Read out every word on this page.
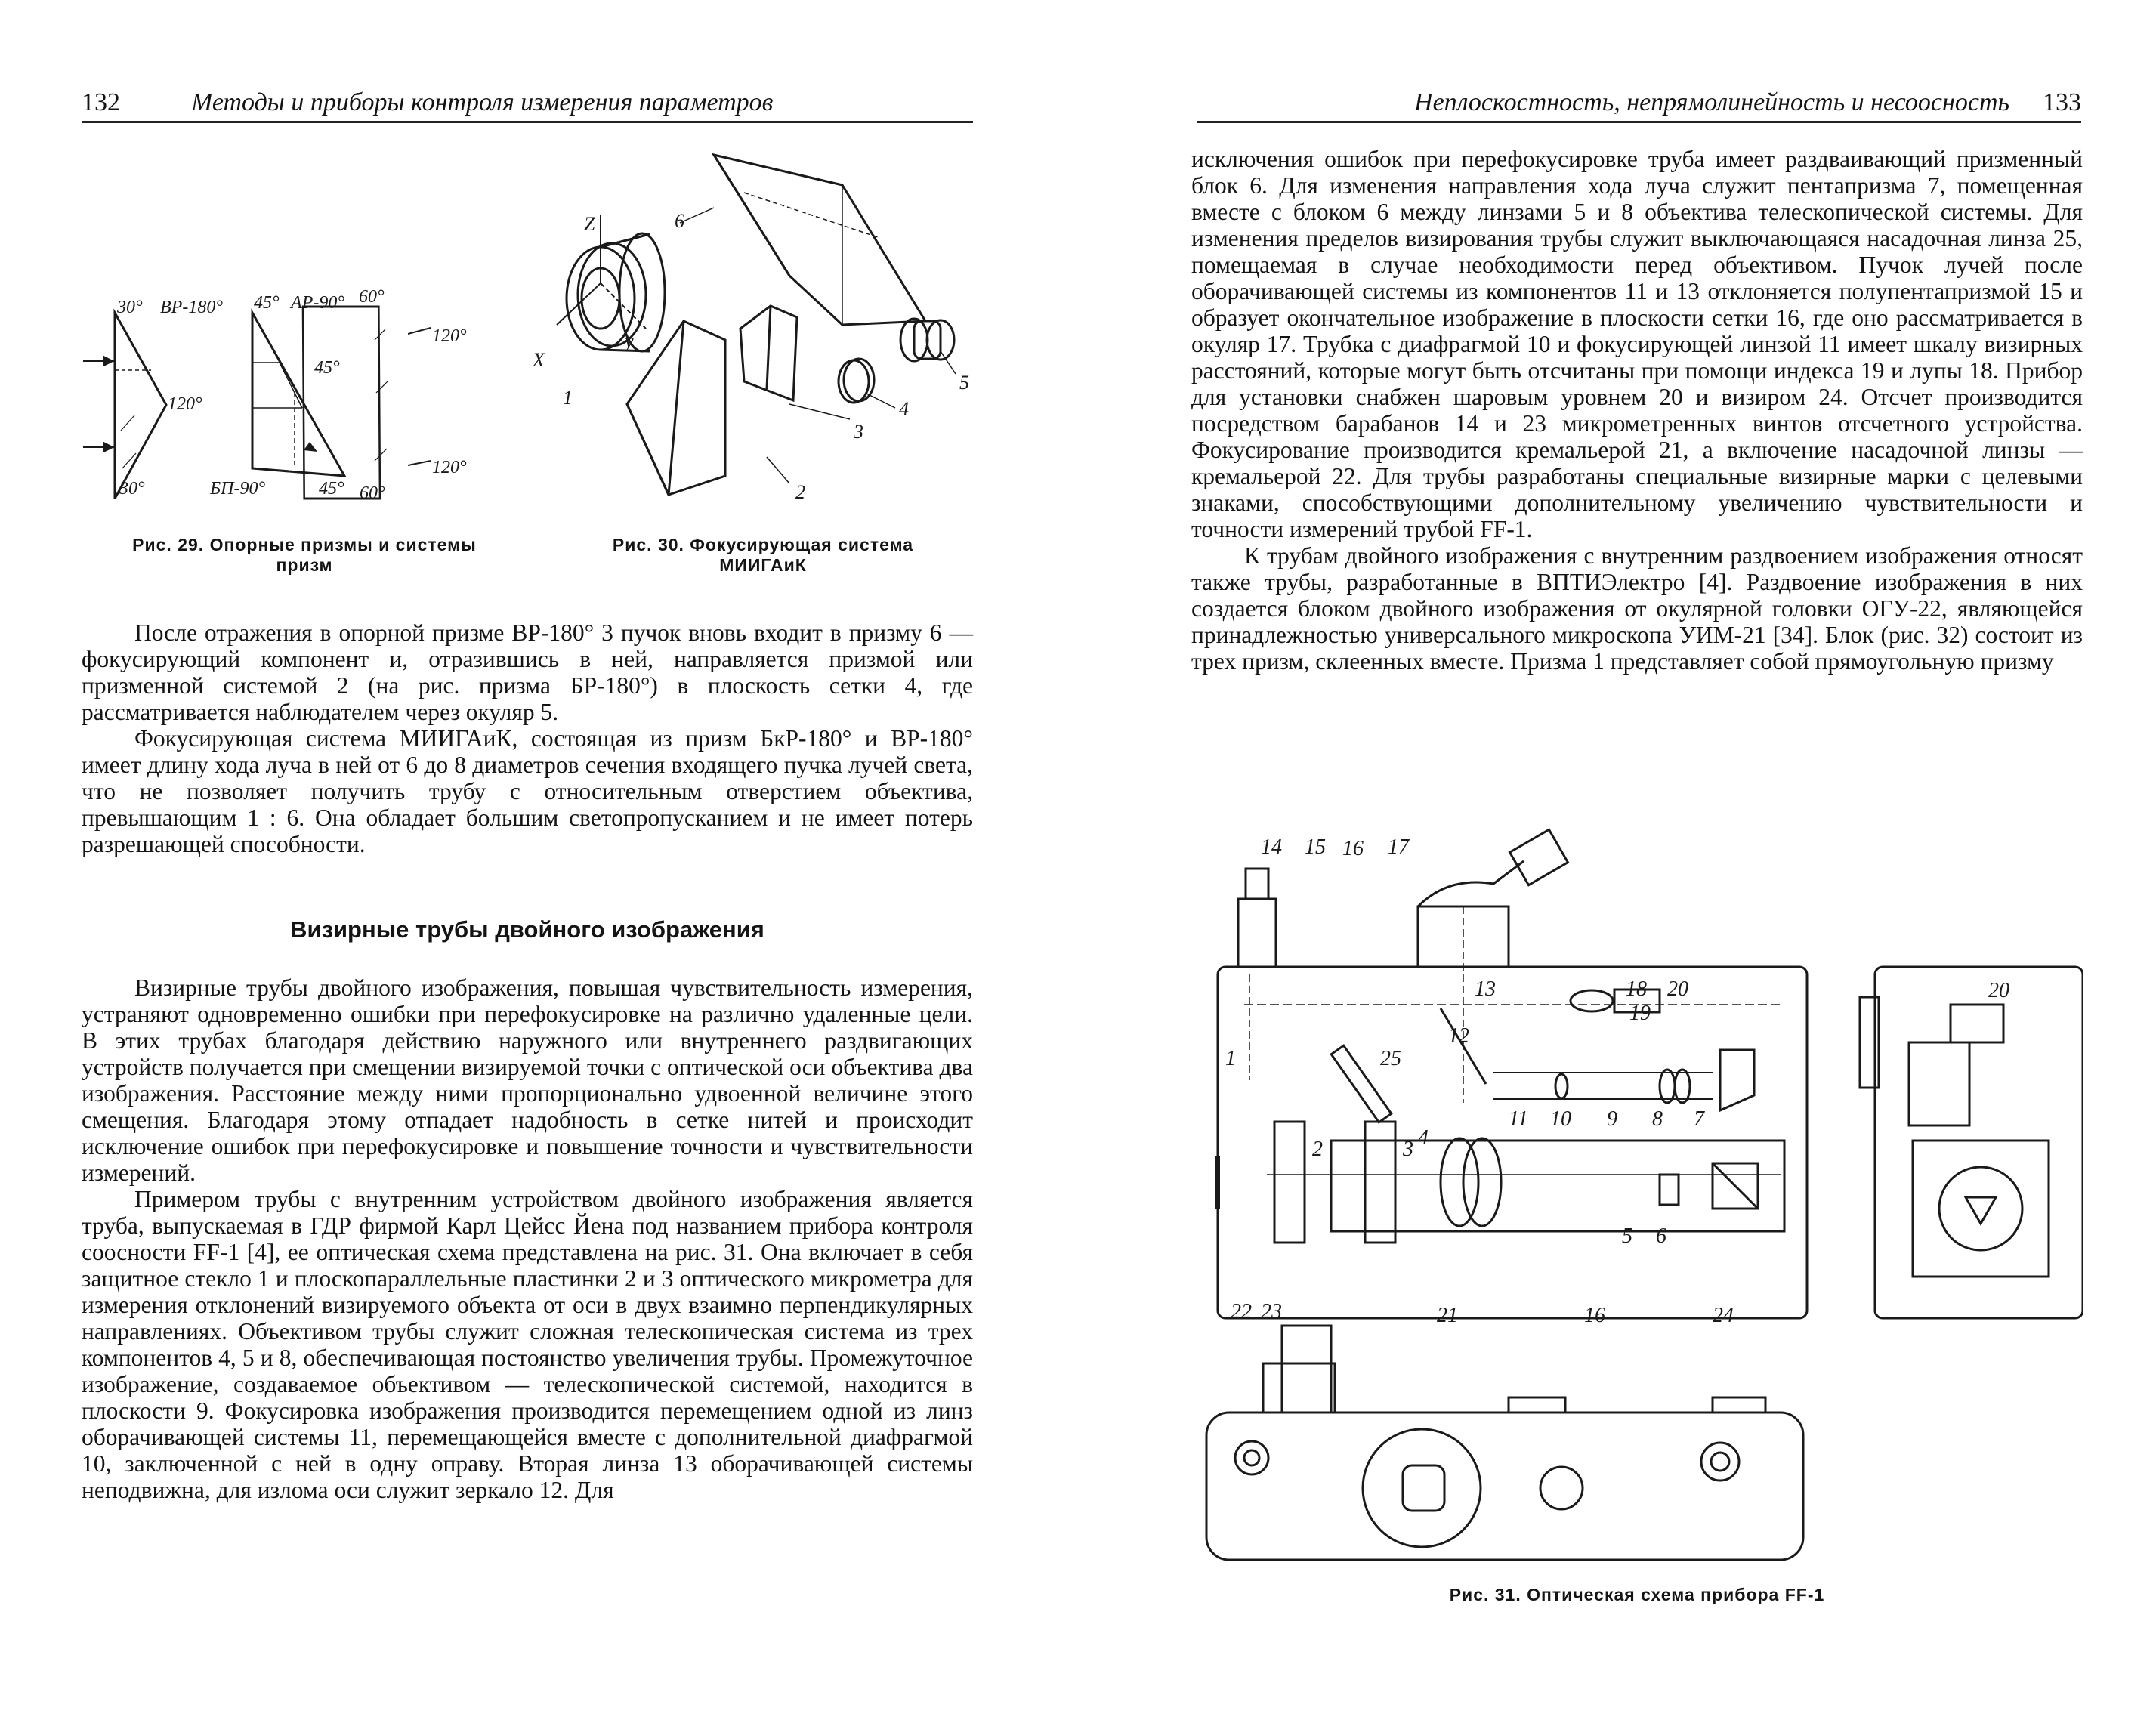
132	Методы и приборы контроля измерения параметров
30° ВР-180° 45° АР-90° 60°
120°
45°
30°	БП-90°	45° 60°
120°
120°
Рис. 29. Опорные призмы и системы
призм
Z
X
y
1
2
3
4
5
6
Рис. 30. Фокусирующая система
МИИГАиК

После отражения в опорной призме ВР-180° 3 пучок вновь входит в призму 6 — фокусирующий компонент и, отразившись в ней, направляется призмой или призменной системой 2 (на рис. призма БР-180°) в плоскость сетки 4, где рассматривается наблюдателем через окуляр 5.

Фокусирующая система МИИГАиК, состоящая из призм БкР-180° и ВР-180° имеет длину хода луча в ней от 6 до 8 диаметров сечения входящего пучка лучей света, что не позволяет получить трубу с относительным отверстием объектива, превышающим 1 : 6. Она обладает большим светопропусканием и не имеет потерь разрешающей способности.

Визирные трубы двойного изображения

Визирные трубы двойного изображения, повышая чувствительность измерения, устраняют одновременно ошибки при перефокусировке на различно удаленные цели. В этих трубах благодаря действию наружного или внутреннего раздвигающих устройств получается при смещении визируемой точки с оптической оси объектива два изображения. Расстояние между ними пропорционально удвоенной величине этого смещения. Благодаря этому отпадает надобность в сетке нитей и происходит исключение ошибок при перефокусировке и повышение точности и чувствительности измерений.

Примером трубы с внутренним устройством двойного изображения является труба, выпускаемая в ГДР фирмой Карл Цейсс Йена под названием прибора контроля соосности FF-1 [4], ее оптическая схема представлена на рис. 31. Она включает в себя защитное стекло 1 и плоскопараллельные пластинки 2 и 3 оптического микрометра для измерения отклонений визируемого объекта от оси в двух взаимно перпендикулярных направлениях. Объективом трубы служит сложная телескопическая система из трех компонентов 4, 5 и 8, обеспечивающая постоянство увеличения трубы. Промежуточное изображение, создаваемое объективом — телескопической системой, находится в плоскости 9. Фокусировка изображения производится перемещением одной из линз оборачивающей системы 11, перемещающейся вместе с дополнительной диафрагмой 10, заключенной с ней в одну оправу. Вторая линза 13 оборачивающей системы неподвижна, для излома оси служит зеркало 12. Для

Неплоскостность, непрямолинейность и несоосность 133

исключения ошибок при перефокусировке труба имеет раздваивающий призменный блок 6. Для изменения направления хода луча служит пентапризма 7, помещенная вместе с блоком 6 между линзами 5 и 8 объектива телескопической системы. Для изменения пределов визирования трубы служит выключающаяся насадочная линза 25, помещаемая в случае необходимости перед объективом. Пучок лучей после оборачивающей системы из компонентов 11 и 13 отклоняется полупентапризмой 15 и образует окончательное изображение в плоскости сетки 16, где оно рассматривается в окуляр 17. Трубка с диафрагмой 10 и фокусирующей линзой 11 имеет шкалу визирных расстояний, которые могут быть отсчитаны при помощи индекса 19 и лупы 18. Прибор для установки снабжен шаровым уровнем 20 и визиром 24. Отсчет производится посредством барабанов 14 и 23 микрометренных винтов отсчетного устройства. Фокусирование производится кремальерой 21, а включение насадочной линзы — кремальерой 22. Для трубы разработаны специальные визирные марки с целевыми знаками, способствующими дополнительному увеличению чувствительности и точности измерений трубой FF-1.

К трубам двойного изображения с внутренним раздвоением изображения относят также трубы, разработанные в ВПТИЭлектро [4]. Раздвоение изображения в них создается блоком двойного изображения от окулярной головки ОГУ-22, являющейся принадлежностью универсального микроскопа УИМ-21 [34]. Блок (рис. 32) состоит из трех призм, склеенных вместе. Призма 1 представляет собой прямоугольную призму

14 15 16 17
13	18 20
12
19
25
1
11 10 9 8 7
2	3 4
5 6
20
22 23	21	16	24
Рис. 31. Оптическая схема прибора FF-1
